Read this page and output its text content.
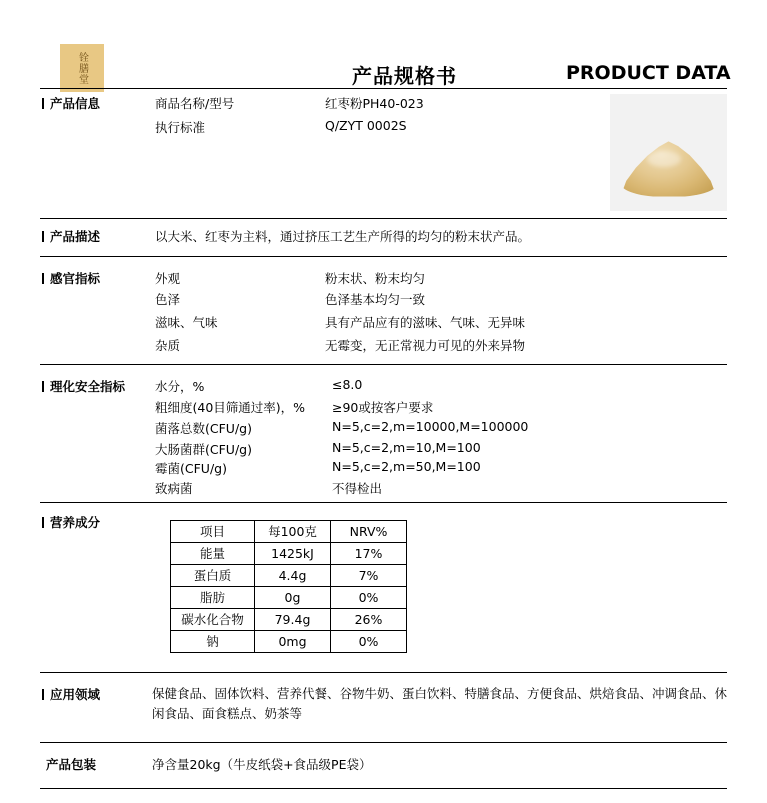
铨膳堂	产品规格书	PRODUCT DATA
产品信息	商品名称/型号	红枣粉PH40-023
执行标准	Q/ZYT 0002S
产品描述	以大米、红枣为主料，通过挤压工艺生产所得的均匀的粉末状产品。
感官指标	外观	粉末状、粉末均匀
色泽	色泽基本均匀一致
滋味、气味	具有产品应有的滋味、气味、无异味
杂质	无霉变，无正常视力可见的外来异物
理化安全指标 水分，%	≤8.0
粗细度(40目筛通过率)，% ≥90或按客户要求
菌落总数(CFU/g)	N=5,c=2,m=10000,M=100000
大肠菌群(CFU/g)	N=5,c=2,m=10,M=100
霉菌(CFU/g)	N=5,c=2,m=50,M=100
致病菌	不得检出
营养成分
项目	每100克	NRV%
能量	1425kJ	17%
蛋白质	4.4g	7%
脂肪	0g	0%
碳水化合物	79.4g	26%
钠	0mg	0%
应用领域	保健食品、固体饮料、营养代餐、谷物牛奶、蛋白饮料、特膳食品、方便食品、烘焙食品、冲调食品、休闲食品、面食糕点、奶茶等
产品包装	净含量20kg（牛皮纸袋+食品级PE袋）
